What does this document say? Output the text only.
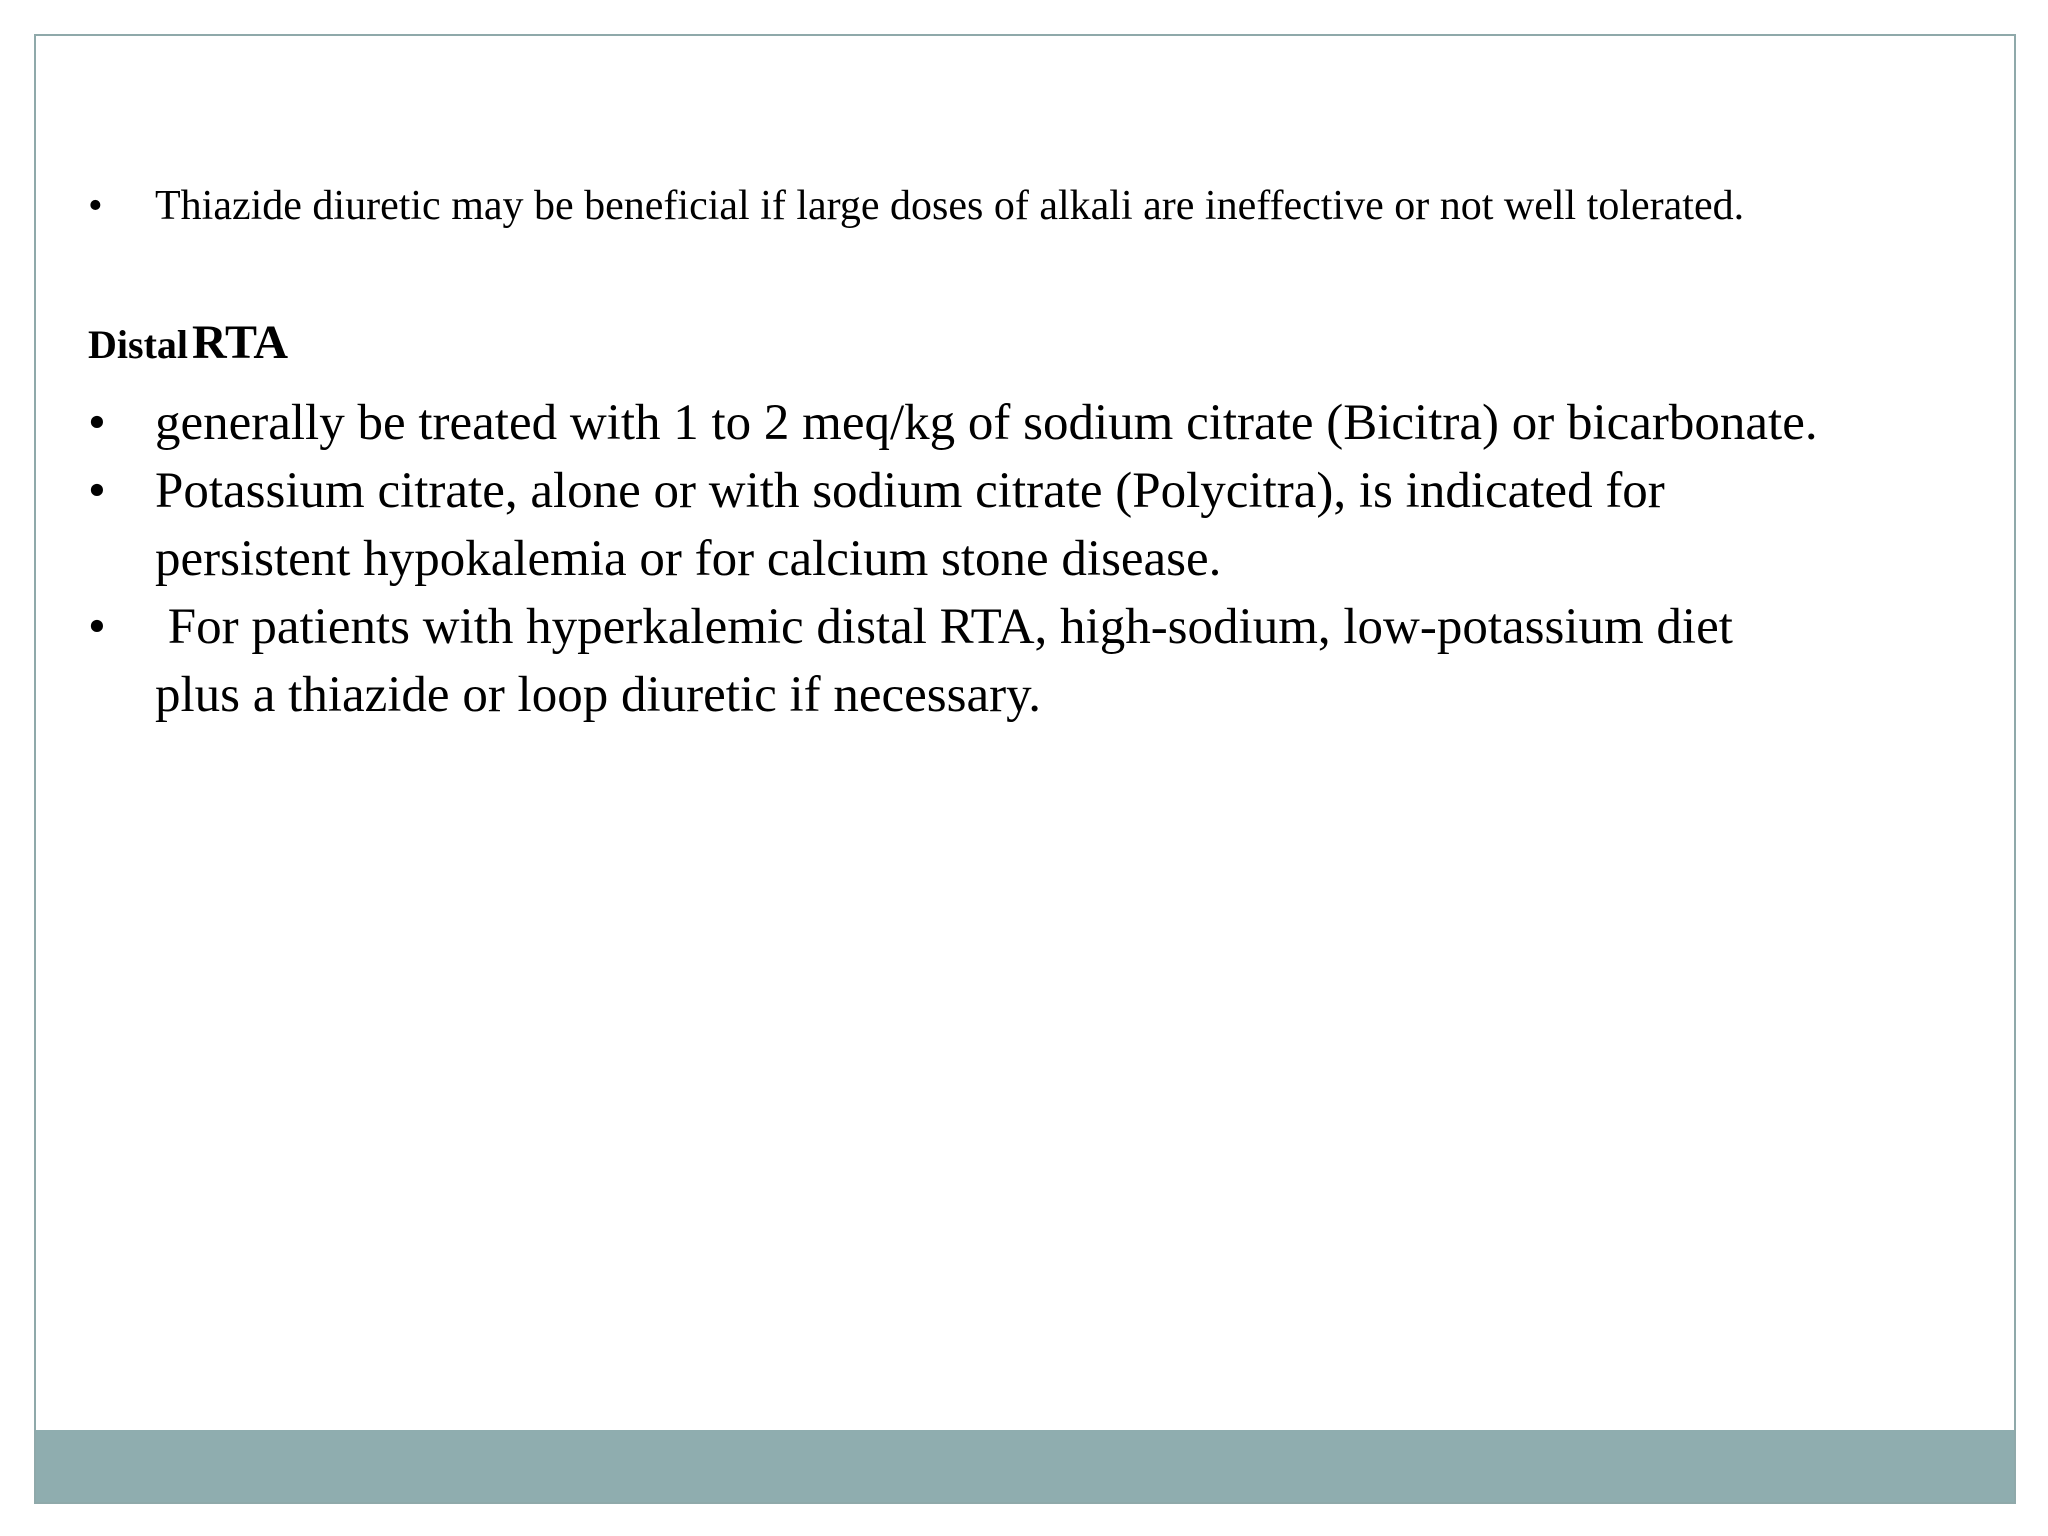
• Thiazide diuretic may be beneficial if large doses of alkali are ineffective or not well tolerated.
Distal RTA
• generally be treated with 1 to 2 meq/kg of sodium citrate (Bicitra) or bicarbonate.
• Potassium citrate, alone or with sodium citrate (Polycitra), is indicated for persistent hypokalemia or for calcium stone disease.
• For patients with hyperkalemic distal RTA, high-sodium, low-potassium diet plus a thiazide or loop diuretic if necessary.
